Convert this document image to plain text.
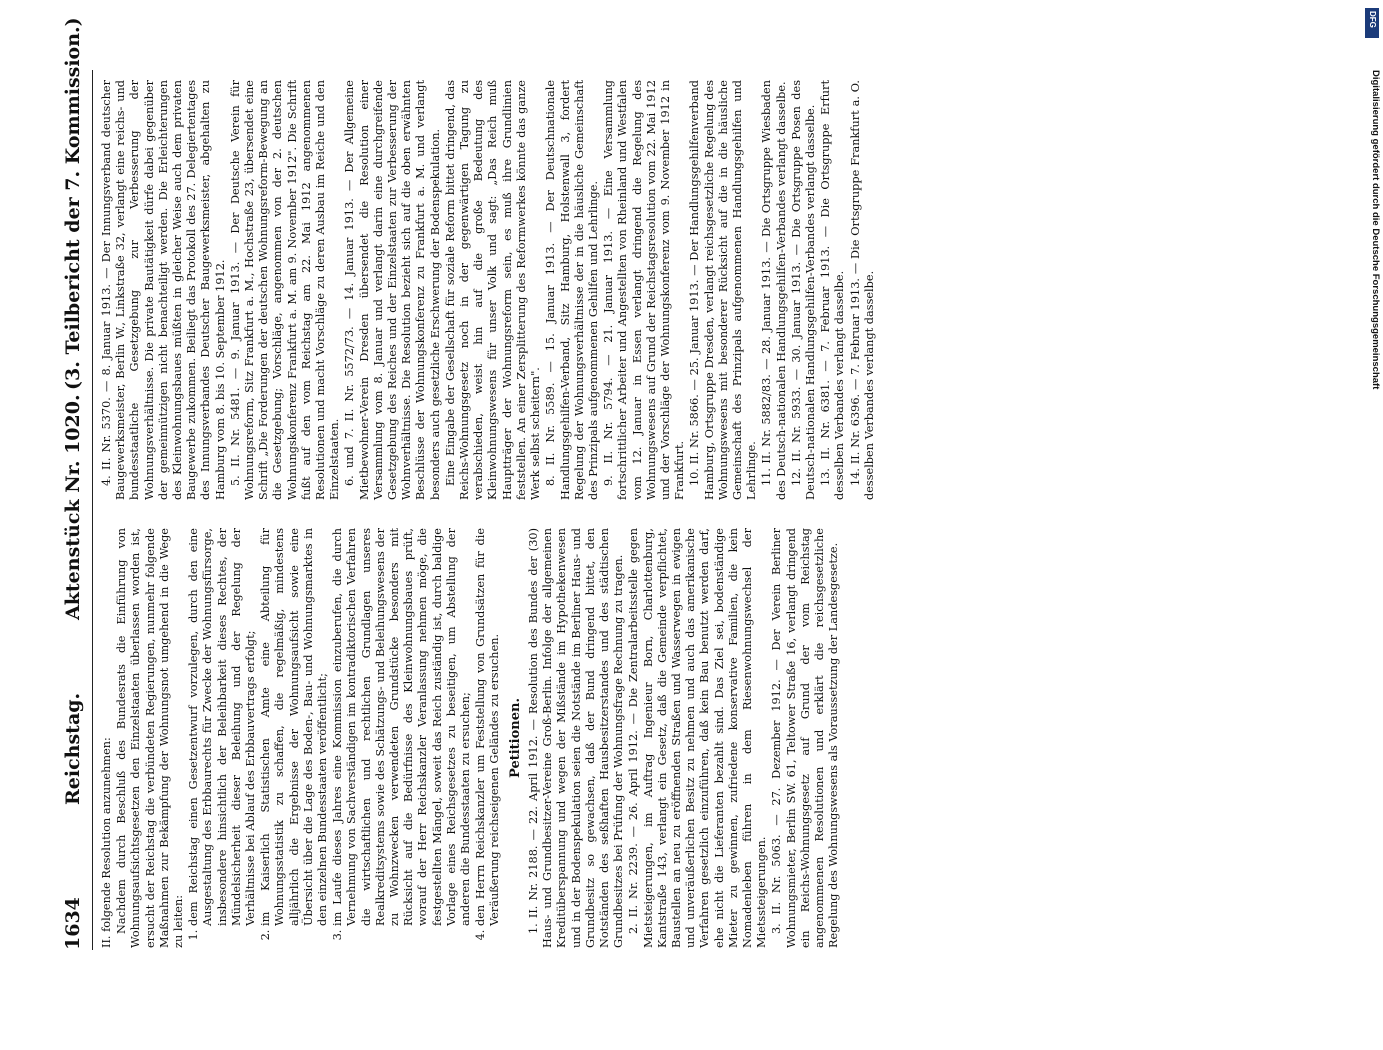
1634
Reichstag.
Aktenstück Nr. 1020.
(3. Teilbericht der 7. Kommission.)

II. folgende Resolution anzunehmen: Nachdem durch Beschluß des Bundesrats die Einführung von Wohnungsaufsichtsgesetzen den Einzelstaaten überlassen worden ist, ersucht der Reichstag die verbündeten Regierungen, nunmehr folgende Maßnahmen zur Bekämpfung der Wohnungsnot umgehend in die Wege zu leiten: 1. dem Reichstag einen Gesetzentwurf vorzulegen, durch den eine Ausgestaltung des Erbbaurechts für Zwecke der Wohnungsfürsorge, insbesondere hinsichtlich der Beleihbarkeit dieses Rechtes, der Mündelsicherheit dieser Beleihung und der Regelung der Verhältnisse bei Ablauf des Erbbauvertrags erfolgt; 2. im Kaiserlich Statistischen Amte eine Abteilung für Wohnungsstatistik zu schaffen, die regelmäßig, mindestens alljährlich die Ergebnisse der Wohnungsaufsicht sowie eine Übersicht über die Lage des Boden-, Bau- und Wohnungsmarktes in den einzelnen Bundesstaaten veröffentlicht; 3. im Laufe dieses Jahres eine Kommission einzuberufen, die durch Vernehmung von Sachverständigen im kontradiktorischen Verfahren die wirtschaftlichen und rechtlichen Grundlagen unseres Realkreditsystems sowie des Schätzungs- und Beleihungswesens der zu Wohnzwecken verwendeten Grundstücke besonders mit Rücksicht auf die Bedürfnisse des Kleinwohnungsbaues prüft, worauf der Herr Reichskanzler Veranlassung nehmen möge, die festgestellten Mängel, soweit das Reich zuständig ist, durch baldige Vorlage eines Reichsgesetzes zu beseitigen, um Abstellung der anderen die Bundesstaaten zu ersuchen; 4. den Herrn Reichskanzler um Feststellung von Grundsätzen für die Veräußerung reichseigenen Geländes zu ersuchen. Petitionen. 1. II. Nr. 2188. — 22. April 1912. — Resolution des Bundes der (30) Haus- und Grundbesitzer-Vereine Groß-Berlin. Infolge der allgemeinen Kreditüberspannung und wegen der Mißstände im Hypothekenwesen und in der Bodenspekulation seien die Notstände im Berliner Haus- und Grundbesitz so gewachsen, daß der Bund dringend bittet, den Notständen des seßhaften Hausbesitzerstandes und des städtischen Grundbesitzes bei Prüfung der Wohnungsfrage Rechnung zu tragen. 2. II. Nr. 2239. — 26. April 1912. — Die Zentralarbeitsstelle gegen Mietsteigerungen, im Auftrag Ingenieur Born, Charlottenburg, Kantstraße 143, verlangt ein Gesetz, daß die Gemeinde verpflichtet, Baustellen an neu zu eröffnenden Straßen und Wasserwegen in ewigen und unveräußerlichen Besitz zu nehmen und auch das amerikanische Verfahren gesetzlich einzuführen, daß kein Bau benutzt werden darf, ehe nicht die Lieferanten bezahlt sind. Das Ziel sei, bodenständige Mieter zu gewinnen, zufriedene konservative Familien, die kein Nomadenleben führen in dem Riesenwohnungswechsel der Mietssteigerungen. 3. II. Nr. 5063. — 27. Dezember 1912. — Der Verein Berliner Wohnungsmieter, Berlin SW. 61, Teltower Straße 16, verlangt dringend ein Reichs-Wohnungsgesetz auf Grund der vom Reichstag angenommenen Resolutionen und erklärt die reichsgesetzliche Regelung des Wohnungswesens als Voraussetzung der Landesgesetze.

4. II. Nr. 5370. — 8. Januar 1913. — Der Innungsverband deutscher Baugewerksmeister, Berlin W., Linkstraße 32, verlangt eine reichs- und bundesstaatliche Gesetzgebung zur Verbesserung der Wohnungsverhältnisse. Die private Bautätigkeit dürfe dabei gegenüber der gemeinnützigen nicht benachteiligt werden. Die Erleichterungen des Kleinwohnungsbaues müßten in gleicher Weise auch dem privaten Baugewerbe zukommen. Beiliegt das Protokoll des 27. Delegiertentages des Innungsverbandes Deutscher Baugewerksmeister, abgehalten zu Hamburg vom 8. bis 10. September 1912. 5. II. Nr. 5481. — 9. Januar 1913. — Der Deutsche Verein für Wohnungsreform, Sitz Frankfurt a. M., Hochstraße 23, übersendet eine Schrift „Die Forderungen der deutschen Wohnungsreform-Bewegung an die Gesetzgebung; Vorschläge, angenommen von der 2. deutschen Wohnungskonferenz Frankfurt a. M. am 9. November 1912". Die Schrift fußt auf den vom Reichstag am 22. Mai 1912 angenommenen Resolutionen und macht Vorschläge zu deren Ausbau im Reiche und den Einzelstaaten. 6. und 7. II. Nr. 5572/73. — 14. Januar 1913. — Der Allgemeine Mietbewohner-Verein Dresden übersendet die Resolution einer Versammlung vom 8. Januar und verlangt darin eine durchgreifende Gesetzgebung des Reiches und der Einzelstaaten zur Verbesserung der Wohnverhältnisse. Die Resolution bezieht sich auf die oben erwähnten Beschlüsse der Wohnungskonferenz zu Frankfurt a. M. und verlangt besonders auch gesetzliche Erschwerung der Bodenspekulation. Eine Eingabe der Gesellschaft für soziale Reform bittet dringend, das Reichs-Wohnungsgesetz noch in der gegenwärtigen Tagung zu verabschieden, weist hin auf die große Bedeutung des Kleinwohnungswesens für unser Volk und sagt: „Das Reich muß Hauptträger der Wohnungsreform sein, es muß ihre Grundlinien feststellen. An einer Zersplitterung des Reformwerkes könnte das ganze Werk selbst scheitern". 8. II. Nr. 5589. — 15. Januar 1913. — Der Deutschnationale Handlungsgehilfen-Verband, Sitz Hamburg, Holstenwall 3, fordert Regelung der Wohnungsverhältnisse der in die häusliche Gemeinschaft des Prinzipals aufgenommenen Gehilfen und Lehrlinge. 9. II. Nr. 5794. — 21. Januar 1913. — Eine Versammlung fortschrittlicher Arbeiter und Angestellten von Rheinland und Westfalen vom 12. Januar in Essen verlangt dringend die Regelung des Wohnungswesens auf Grund der Reichstagsresolution vom 22. Mai 1912 und der Vorschläge der Wohnungskonferenz vom 9. November 1912 in Frankfurt. 10. II. Nr. 5866. — 25. Januar 1913. — Der Handlungsgehilfenverband Hamburg, Ortsgruppe Dresden, verlangt reichsgesetzliche Regelung des Wohnungswesens mit besonderer Rücksicht auf die in die häusliche Gemeinschaft des Prinzipals aufgenommenen Handlungsgehilfen und Lehrlinge. 11. II. Nr. 5882/83. — 28. Januar 1913. — Die Ortsgruppe Wiesbaden des Deutsch-nationalen Handlungsgehilfen-Verbandes verlangt dasselbe. 12. II. Nr. 5933. — 30. Januar 1913. — Die Ortsgruppe Posen des Deutsch-nationalen Handlungsgehilfen-Verbandes verlangt dasselbe. 13. II. Nr. 6381. — 7. Februar 1913. — Die Ortsgruppe Erfurt desselben Verbandes verlangt dasselbe. 14. II. Nr. 6396. — 7. Februar 1913. — Die Ortsgruppe Frankfurt a. O. desselben Verbandes verlangt dasselbe.	Digitalisierung gefördert durch die Deutsche Forschungsgemeinschaft
DFG
